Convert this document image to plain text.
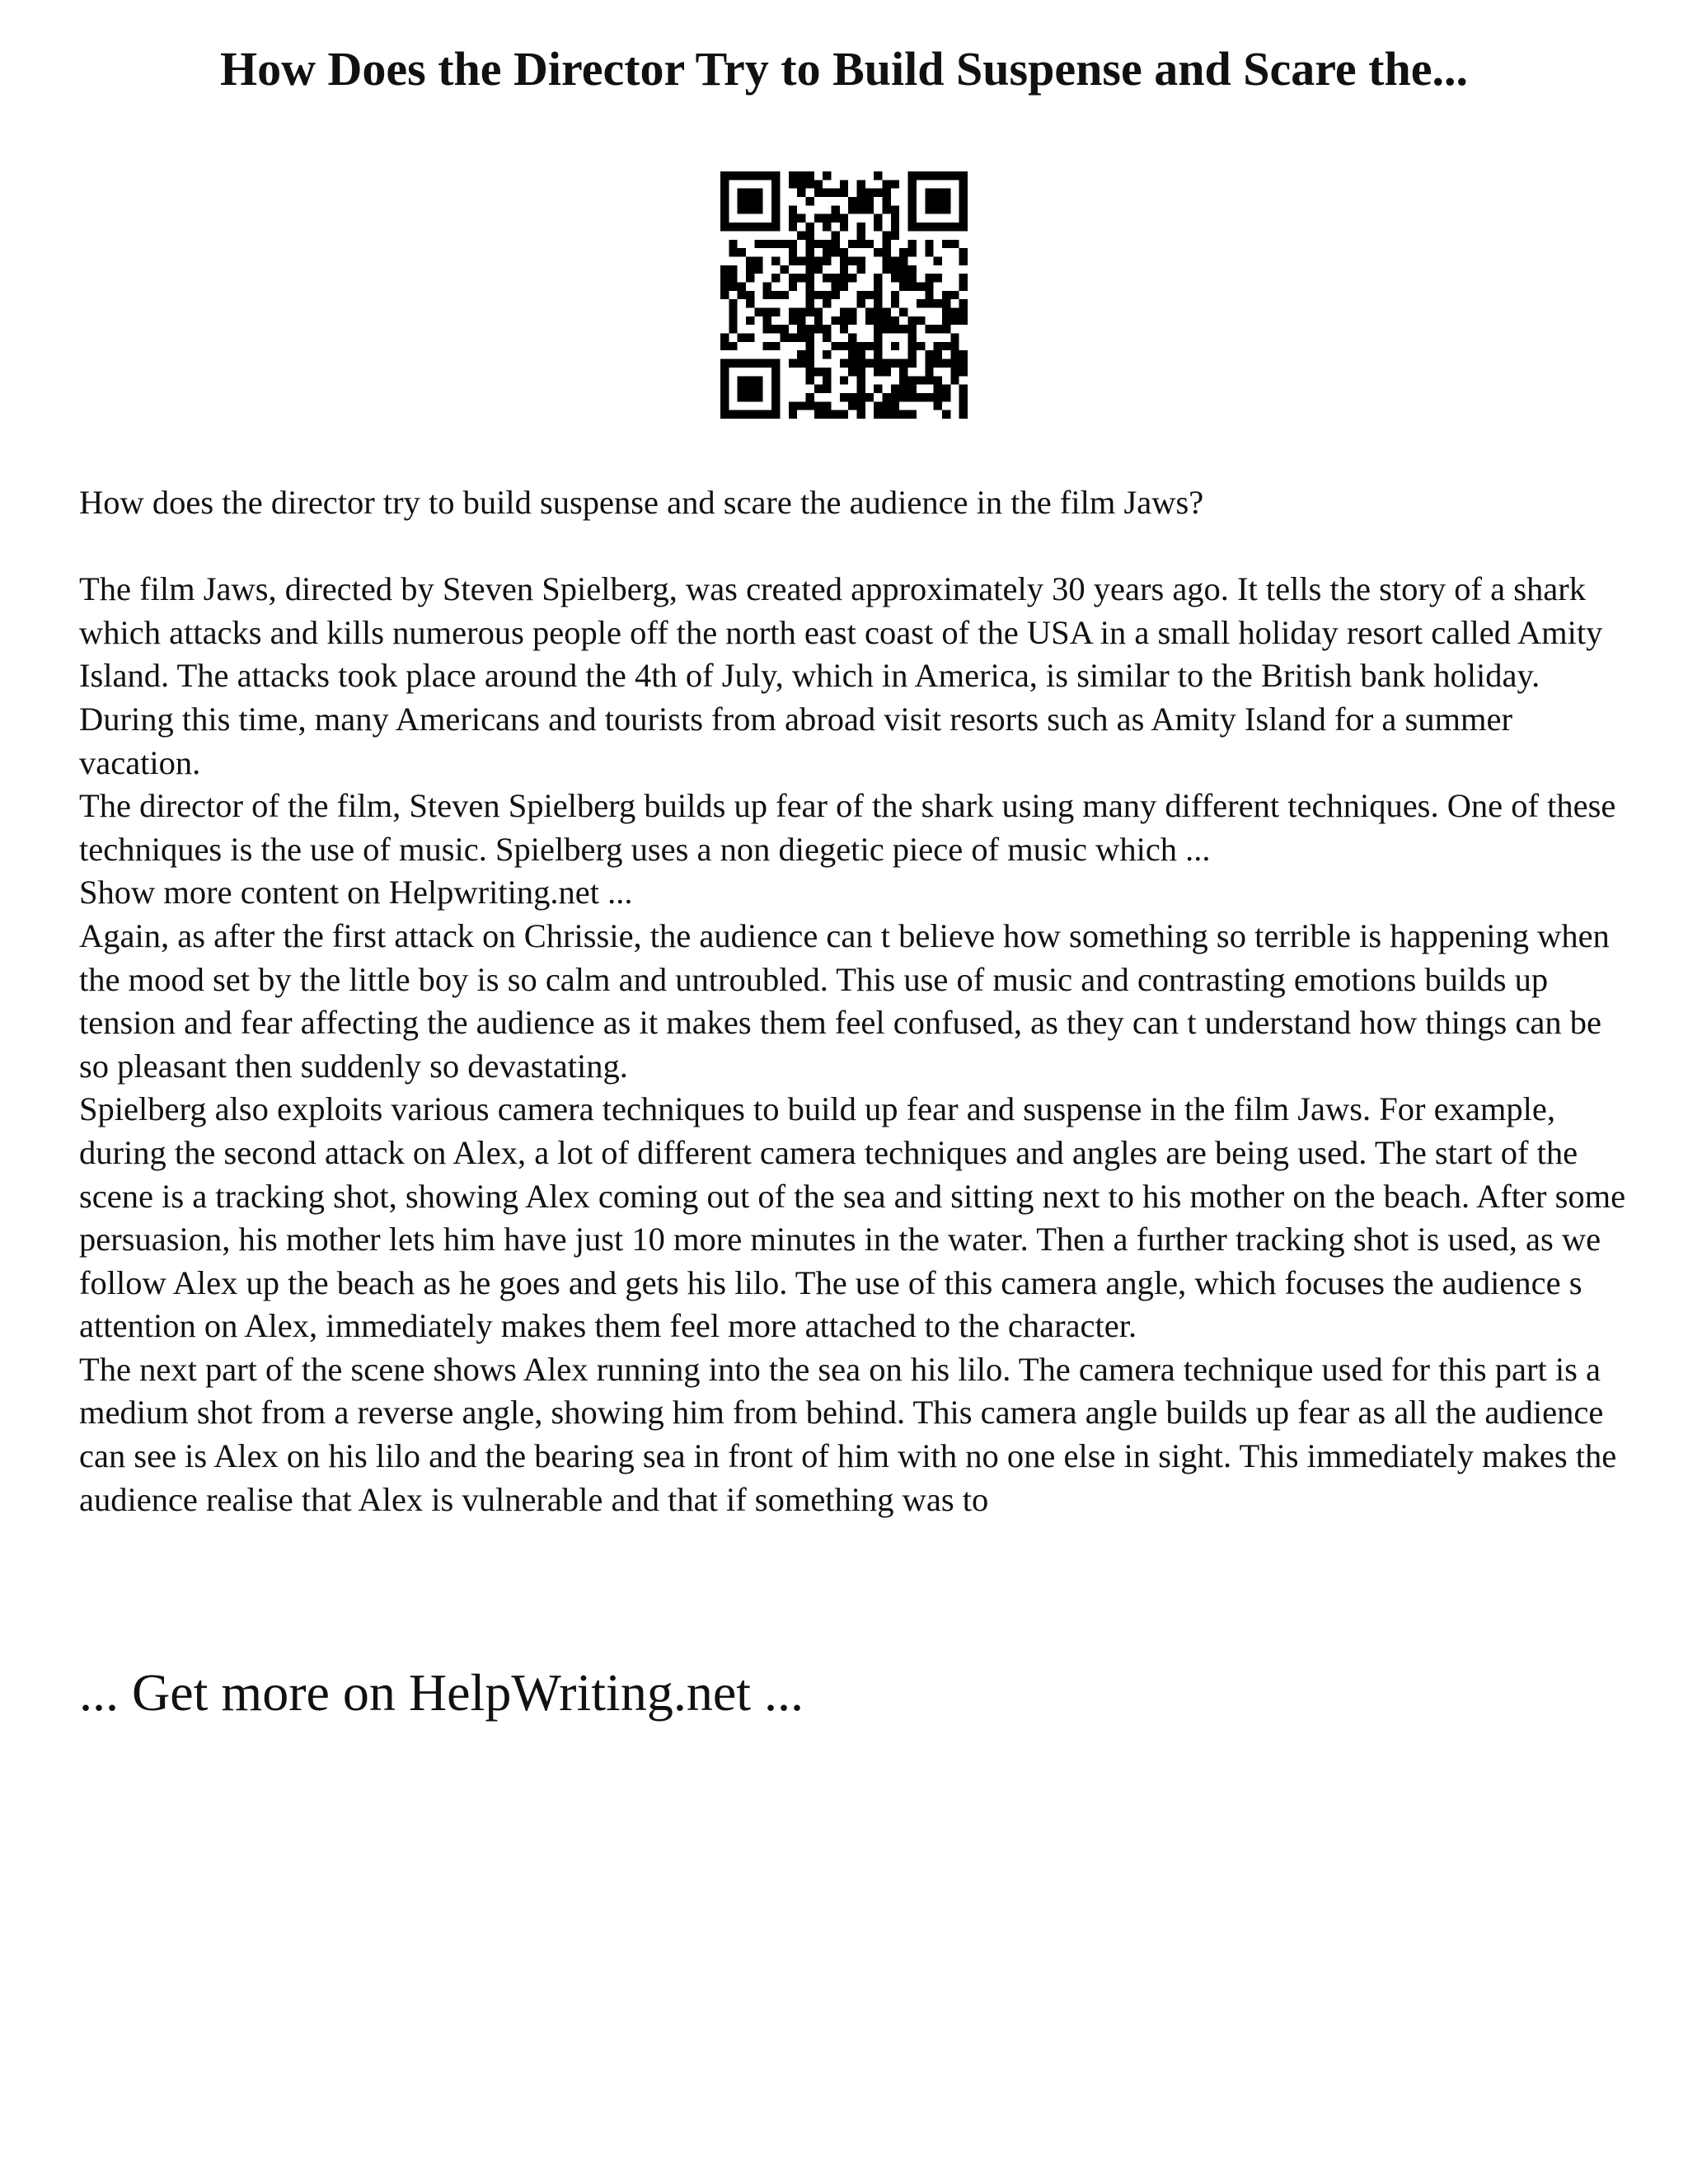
How Does the Director Try to Build Suspense and Scare the...

How does the director try to build suspense and scare the audience in the film Jaws?

The film Jaws, directed by Steven Spielberg, was created approximately 30 years ago. It tells the story of a shark which attacks and kills numerous people off the north east coast of the USA in a small holiday resort called Amity Island. The attacks took place around the 4th of July, which in America, is similar to the British bank holiday. During this time, many Americans and tourists from abroad visit resorts such as Amity Island for a summer vacation.

The director of the film, Steven Spielberg builds up fear of the shark using many different techniques. One of these techniques is the use of music. Spielberg uses a non diegetic piece of music which ...

Show more content on Helpwriting.net ...

Again, as after the first attack on Chrissie, the audience can t believe how something so terrible is happening when the mood set by the little boy is so calm and untroubled. This use of music and contrasting emotions builds up tension and fear affecting the audience as it makes them feel confused, as they can t understand how things can be so pleasant then suddenly so devastating.

Spielberg also exploits various camera techniques to build up fear and suspense in the film Jaws. For example, during the second attack on Alex, a lot of different camera techniques and angles are being used. The start of the scene is a tracking shot, showing Alex coming out of the sea and sitting next to his mother on the beach. After some persuasion, his mother lets him have just 10 more minutes in the water. Then a further tracking shot is used, as we follow Alex up the beach as he goes and gets his lilo. The use of this camera angle, which focuses the audience s attention on Alex, immediately makes them feel more attached to the character.

The next part of the scene shows Alex running into the sea on his lilo. The camera technique used for this part is a medium shot from a reverse angle, showing him from behind. This camera angle builds up fear as all the audience can see is Alex on his lilo and the bearing sea in front of him with no one else in sight. This immediately makes the audience realise that Alex is vulnerable and that if something was to

... Get more on HelpWriting.net ...
